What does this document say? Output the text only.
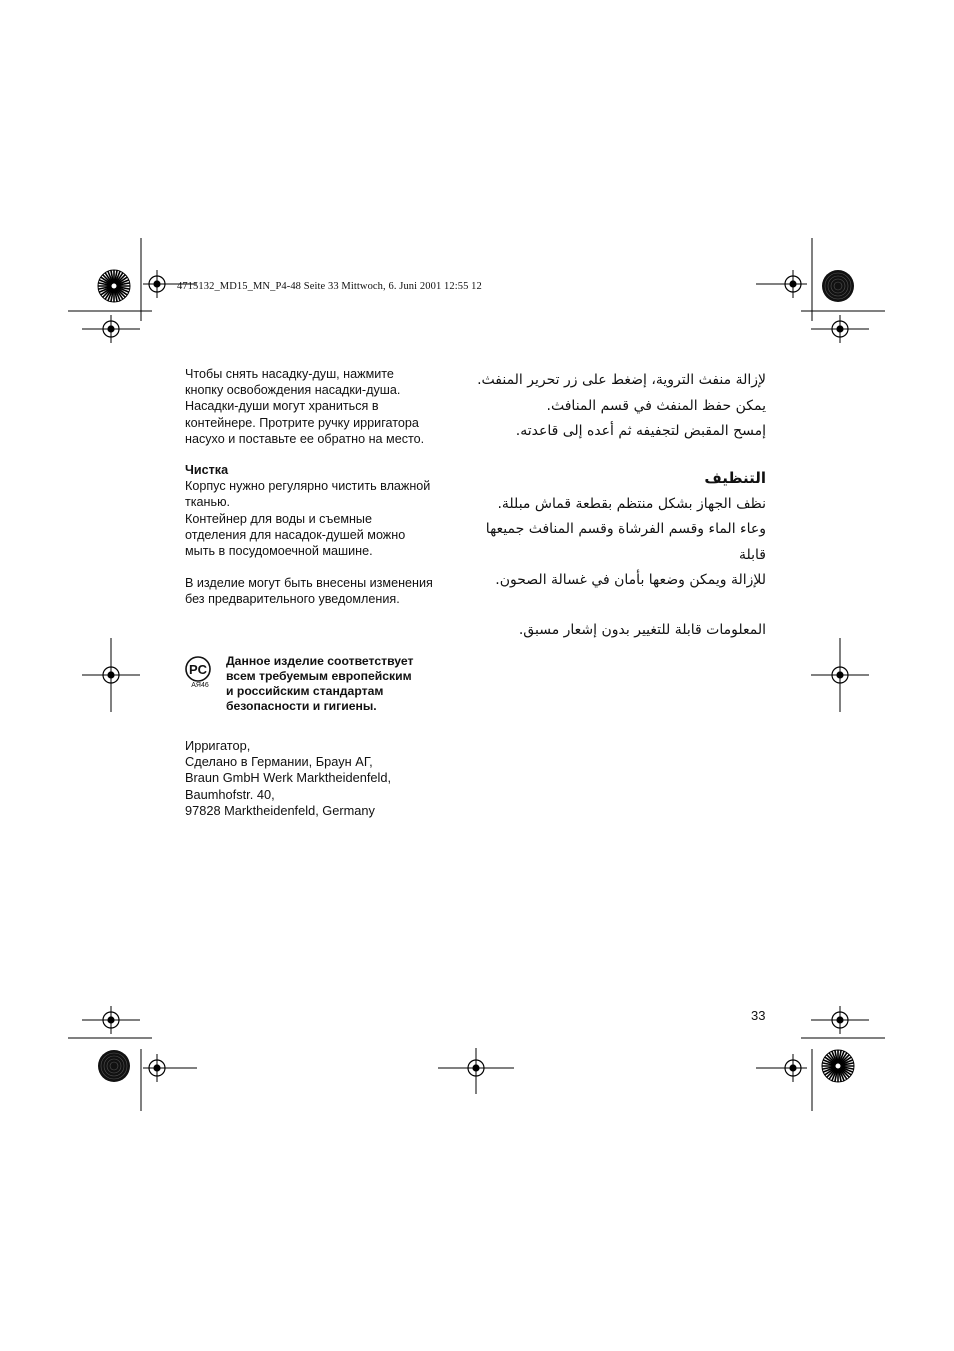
4715132_MD15_MN_P4-48 Seite 33 Mittwoch, 6. Juni 2001 12:55 12

Чтобы снять насадку-душ, нажмите

кнопку освобождения насадки-душа.

Насадки-души могут храниться в

контейнере. Протрите ручку ирригатора

насухо и поставьте ее обратно на место.

Чистка

Корпус нужно регулярно чистить влажной

тканью.

Контейнер для воды и съемные

отделения для насадок-душей можно

мыть в посудомоечной машине.

В изделие могут быть внесены изменения

без предварительного уведомления.

PC
AЯ46

Данное изделие соответствует

всем требуемым европейским

и российским стандартам

безопасности и гигиены.

Ирригатор,

Сделано в Германии, Браун АГ,

Braun GmbH Werk Marktheidenfeld,

Baumhofstr. 40,

97828 Marktheidenfeld, Germany

لإزالة منفث التروية، إضغط على زر تحرير المنفث.

يمكن حفظ المنفث في قسم المنافث.

إمسح المقبض لتجفيفه ثم أعده إلى قاعدته.

التنظيف

نظف الجهاز بشكل منتظم بقطعة قماش مبللة.

وعاء الماء وقسم الفرشاة وقسم المنافث جميعها قابلة

للإزالة ويمكن وضعها بأمان في غسالة الصحون.

المعلومات قابلة للتغيير بدون إشعار مسبق.

33
